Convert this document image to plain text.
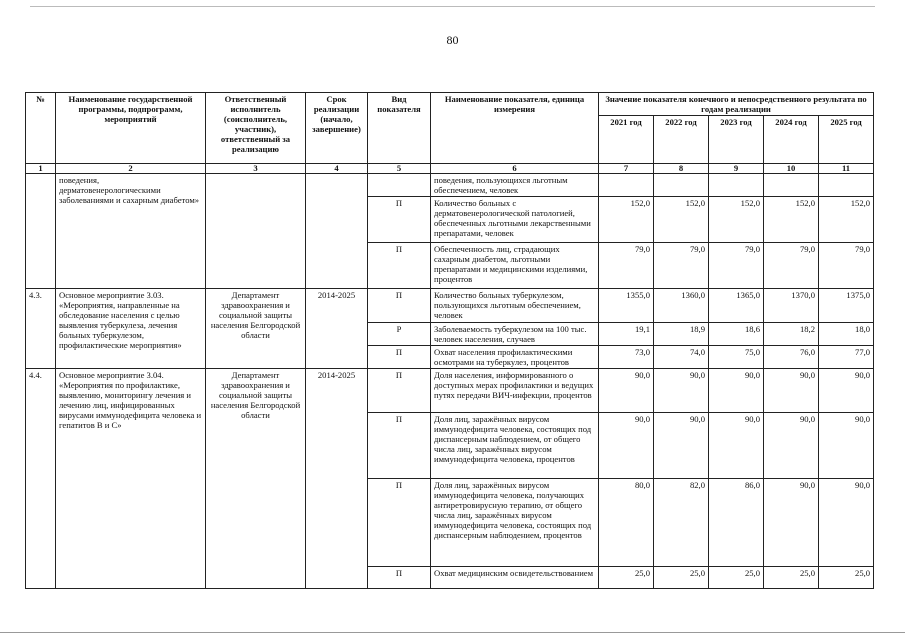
80
№	Наименование государственной программы, подпрограмм, мероприятий	Ответственный исполнитель (соисполнитель, участник), ответственный за реализацию	Срок реализации (начало, завершение)	Вид показателя	Наименование показателя, единица измерения	Значение показателя конечного и непосредственного результата по годам реализации				
						2021 год	2022 год	2023 год	2024 год	2025 год
1	2	3	4	5	6	7	8	9	10	11
	поведения, дерматовенерологическими заболеваниями и сахарным диабетом»				поведения, пользующихся льготным обеспечением, человек					
				П	Количество больных с дерматовенерологической патологией, обеспеченных льготными лекарственными препаратами, человек	152,0	152,0	152,0	152,0	152,0
				П	Обеспеченность лиц, страдающих сахарным диабетом, льготными препаратами и медицинскими изделиями, процентов	79,0	79,0	79,0	79,0	79,0
4.3.	Основное мероприятие 3.03. «Мероприятия, направленные на обследование населения с целью выявления туберкулеза, лечения больных туберкулезом, профилактические мероприятия»	Департамент здравоохранения и социальной защиты населения Белгородской области	2014-2025	П	Количество больных туберкулезом, пользующихся льготным обеспечением, человек	1355,0	1360,0	1365,0	1370,0	1375,0
				Р	Заболеваемость туберкулезом на 100 тыс. человек населения, случаев	19,1	18,9	18,6	18,2	18,0
				П	Охват населения профилактическими осмотрами на туберкулез, процентов	73,0	74,0	75,0	76,0	77,0
4.4.	Основное мероприятие 3.04. «Мероприятия по профилактике, выявлению, мониторингу лечения и лечению лиц, инфицированных вирусами иммунодефицита человека и гепатитов В и С»	Департамент здравоохранения и социальной защиты населения Белгородской области	2014-2025	П	Доля населения, информированного о доступных мерах профилактики и ведущих путях передачи ВИЧ-инфекции, процентов	90,0	90,0	90,0	90,0	90,0
				П	Доля лиц, заражённых вирусом иммунодефицита человека, состоящих под диспансерным наблюдением, от общего числа лиц, заражённых вирусом иммунодефицита человека, процентов	90,0	90,0	90,0	90,0	90,0
				П	Доля лиц, заражённых вирусом иммунодефицита человека, получающих антиретровирусную терапию, от общего числа лиц, заражённых вирусом иммунодефицита человека, состоящих под диспансерным наблюдением, процентов	80,0	82,0	86,0	90,0	90,0
				П	Охват медицинским освидетельствованием	25,0	25,0	25,0	25,0	25,0
